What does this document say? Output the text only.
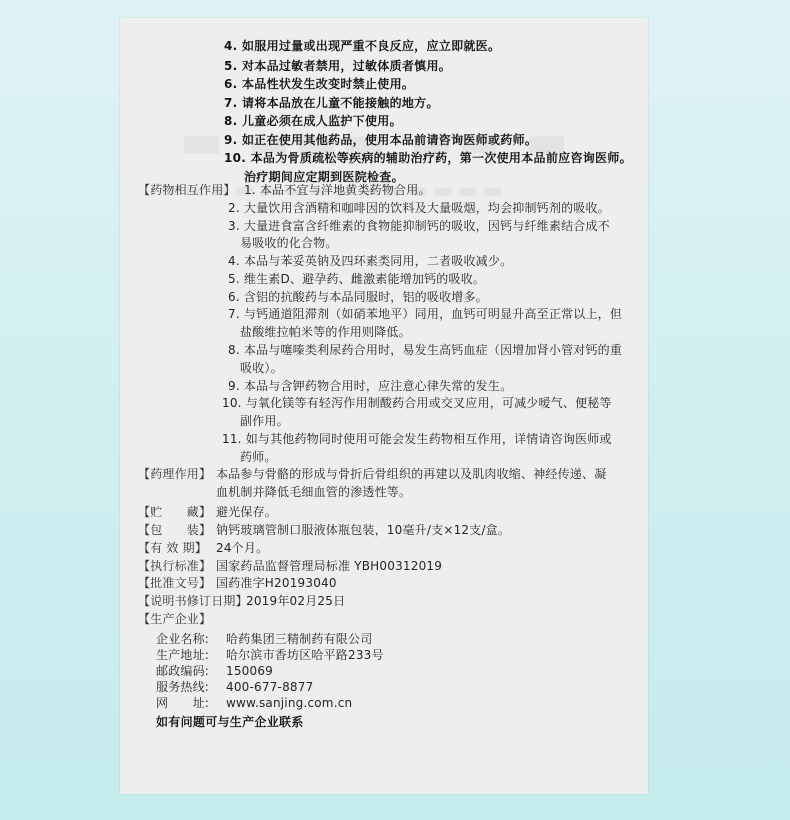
4. 如服用过量或出现严重不良反应，应立即就医。
5. 对本品过敏者禁用，过敏体质者慎用。
6. 本品性状发生改变时禁止使用。
7. 请将本品放在儿童不能接触的地方。
8. 儿童必须在成人监护下使用。
9. 如正在使用其他药品，使用本品前请咨询医师或药师。
10. 本品为骨质疏松等疾病的辅助治疗药，第一次使用本品前应咨询医师。
治疗期间应定期到医院检查。
【药物相互作用】 1. 本品不宜与洋地黄类药物合用。
2. 大量饮用含酒精和咖啡因的饮料及大量吸烟，均会抑制钙剂的吸收。
3. 大量进食富含纤维素的食物能抑制钙的吸收，因钙与纤维素结合成不
易吸收的化合物。
4. 本品与苯妥英钠及四环素类同用，二者吸收减少。
5. 维生素D、避孕药、雌激素能增加钙的吸收。
6. 含铝的抗酸药与本品同服时，铝的吸收增多。
7. 与钙通道阻滞剂（如硝苯地平）同用，血钙可明显升高至正常以上，但
盐酸维拉帕米等的作用则降低。
8. 本品与噻嗪类利尿药合用时，易发生高钙血症（因增加肾小管对钙的重
吸收）。
9. 本品与含钾药物合用时，应注意心律失常的发生。
10. 与氧化镁等有轻泻作用制酸药合用或交叉应用，可减少嗳气、便秘等
副作用。
11. 如与其他药物同时使用可能会发生药物相互作用，详情请咨询医师或
药师。
【药理作用】 本品参与骨骼的形成与骨折后骨组织的再建以及肌肉收缩、神经传递、凝
血机制并降低毛细血管的渗透性等。
【贮　　藏】 避光保存。
【包　　装】 钠钙玻璃管制口服液体瓶包装，10毫升/支×12支/盒。
【有 效 期】 24个月。
【执行标准】 国家药品监督管理局标准 YBH00312019
【批准文号】 国药准字H20193040
【说明书修订日期】
2019年02月25日
【生产企业】
企业名称: 哈药集团三精制药有限公司
生产地址: 哈尔滨市香坊区哈平路233号
邮政编码: 150069
服务热线: 400-677-8877
网　　址: www.sanjing.com.cn
如有问题可与生产企业联系
